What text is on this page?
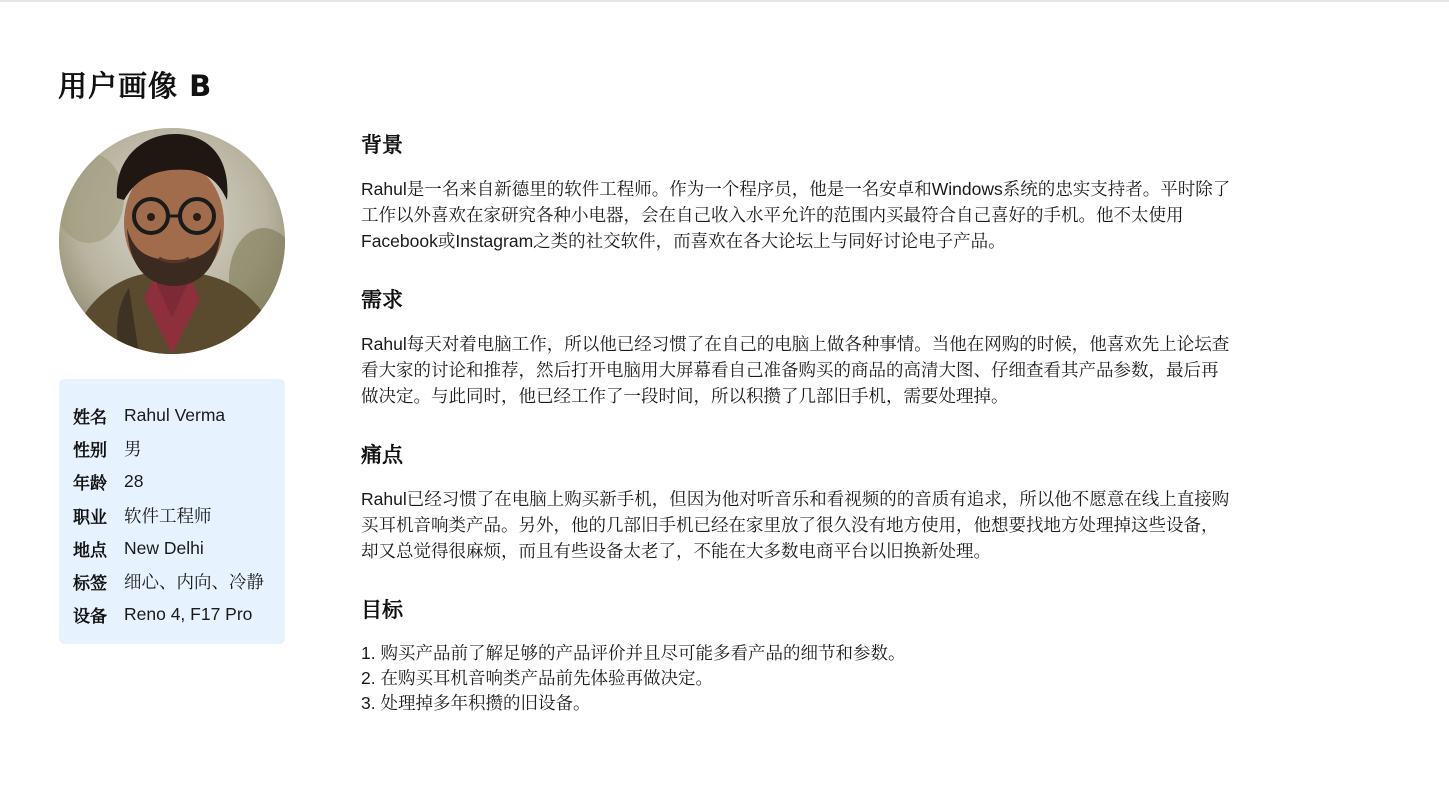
用户画像 B
姓名 Rahul Verma
性别 男
年龄 28
职业 软件工程师
地点 New Delhi
标签 细心、内向、冷静
设备 Reno 4, F17 Pro
背景

Rahul是一名来自新德里的软件工程师。作为一个程序员，他是一名安卓和Windows系统的忠实支持者。平时除了
工作以外喜欢在家研究各种小电器，会在自己收入水平允许的范围内买最符合自己喜好的手机。他不太使用
Facebook或Instagram之类的社交软件，而喜欢在各大论坛上与同好讨论电子产品。

需求

Rahul每天对着电脑工作，所以他已经习惯了在自己的电脑上做各种事情。当他在网购的时候，他喜欢先上论坛查
看大家的讨论和推荐，然后打开电脑用大屏幕看自己准备购买的商品的高清大图、仔细查看其产品参数，最后再
做决定。与此同时，他已经工作了一段时间，所以积攒了几部旧手机，需要处理掉。

痛点

Rahul已经习惯了在电脑上购买新手机，但因为他对听音乐和看视频的的音质有追求，所以他不愿意在线上直接购
买耳机音响类产品。另外，他的几部旧手机已经在家里放了很久没有地方使用，他想要找地方处理掉这些设备，
却又总觉得很麻烦，而且有些设备太老了，不能在大多数电商平台以旧换新处理。

目标
1. 购买产品前了解足够的产品评价并且尽可能多看产品的细节和参数。
2. 在购买耳机音响类产品前先体验再做决定。
3. 处理掉多年积攒的旧设备。
